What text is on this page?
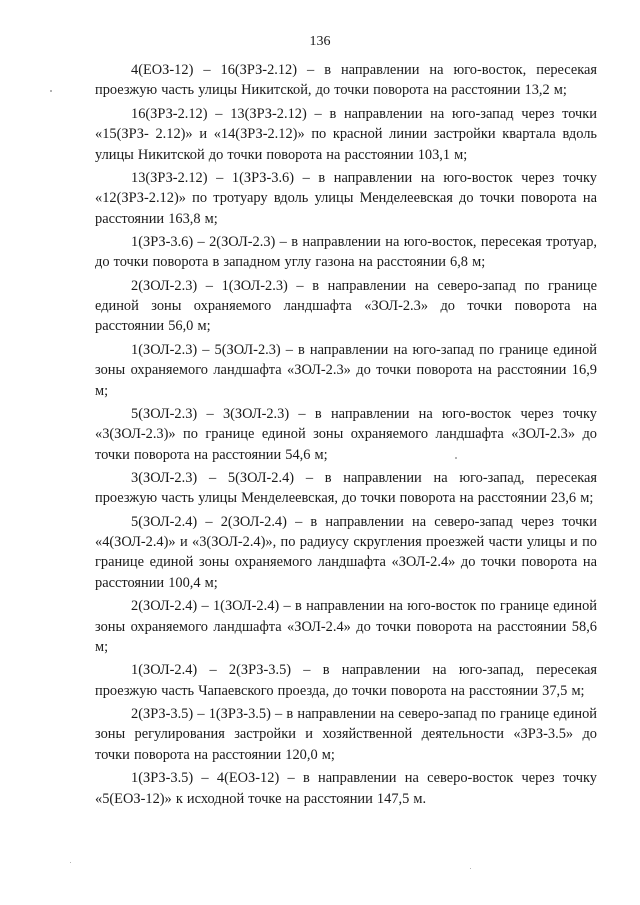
136

4(ЕОЗ-12) – 16(ЗРЗ-2.12) – в направлении на юго-восток, пересекая проезжую часть улицы Никитской, до точки поворота на расстоянии 13,2 м;

16(ЗРЗ-2.12) – 13(ЗРЗ-2.12) – в направлении на юго-запад через точки «15(ЗРЗ- 2.12)» и «14(ЗРЗ-2.12)» по красной линии застройки квартала вдоль улицы Никитской до точки поворота на расстоянии 103,1 м;

13(ЗРЗ-2.12) – 1(ЗРЗ-3.6) – в направлении на юго-восток через точку «12(ЗРЗ-2.12)» по тротуару вдоль улицы Менделеевская до точки поворота на расстоянии 163,8 м;

1(ЗРЗ-3.6) – 2(ЗОЛ-2.3) – в направлении на юго-восток, пересекая тротуар, до точки поворота в западном углу газона на расстоянии 6,8 м;

2(ЗОЛ-2.3) – 1(ЗОЛ-2.3) – в направлении на северо-запад по границе единой зоны охраняемого ландшафта «ЗОЛ-2.3» до точки поворота на расстоянии 56,0 м;

1(ЗОЛ-2.3) – 5(ЗОЛ-2.3) – в направлении на юго-запад по границе единой зоны охраняемого ландшафта «ЗОЛ-2.3» до точки поворота на расстоянии 16,9 м;

5(ЗОЛ-2.3) – 3(ЗОЛ-2.3) – в направлении на юго-восток через точку «3(ЗОЛ-2.3)» по границе единой зоны охраняемого ландшафта «ЗОЛ-2.3» до точки поворота на расстоянии 54,6 м;

3(ЗОЛ-2.3) – 5(ЗОЛ-2.4) – в направлении на юго-запад, пересекая проезжую часть улицы Менделеевская, до точки поворота на расстоянии 23,6 м;

5(ЗОЛ-2.4) – 2(ЗОЛ-2.4) – в направлении на северо-запад через точки «4(ЗОЛ-2.4)» и «3(ЗОЛ-2.4)», по радиусу скругления проезжей части улицы и по границе единой зоны охраняемого ландшафта «ЗОЛ-2.4» до точки поворота на расстоянии 100,4 м;

2(ЗОЛ-2.4) – 1(ЗОЛ-2.4) – в направлении на юго-восток по границе единой зоны охраняемого ландшафта «ЗОЛ-2.4» до точки поворота на расстоянии 58,6 м;

1(ЗОЛ-2.4) – 2(ЗРЗ-3.5) – в направлении на юго-запад, пересекая проезжую часть Чапаевского проезда, до точки поворота на расстоянии 37,5 м;

2(ЗРЗ-3.5) – 1(ЗРЗ-3.5) – в направлении на северо-запад по границе единой зоны регулирования застройки и хозяйственной деятельности «ЗРЗ-3.5» до точки поворота на расстоянии 120,0 м;

1(ЗРЗ-3.5) – 4(ЕОЗ-12) – в направлении на северо-восток через точку «5(ЕОЗ-12)» к исходной точке на расстоянии 147,5 м.
